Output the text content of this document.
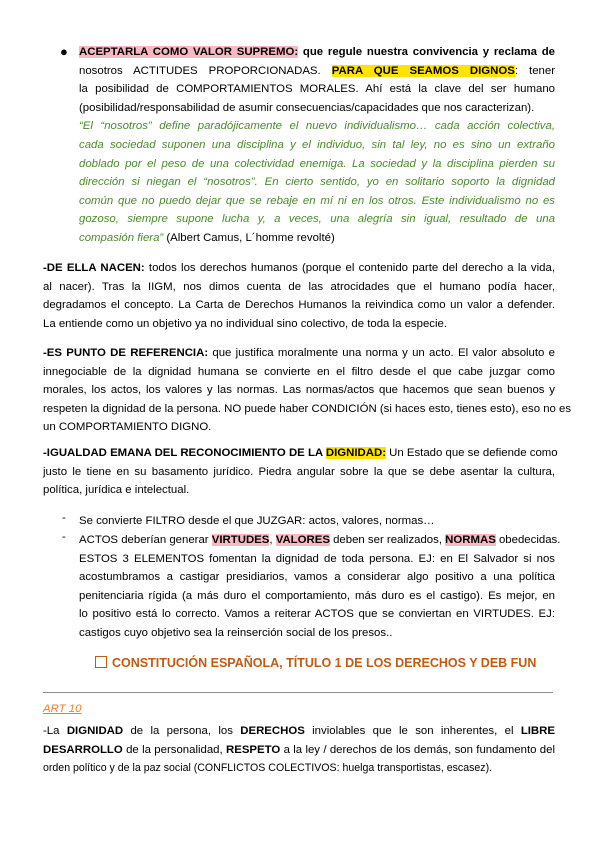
● ACEPTARLA COMO VALOR SUPREMO: que regule nuestra convivencia y reclama de
nosotros ACTITUDES PROPORCIONADAS. PARA QUE SEAMOS DIGNOS: tener
la posibilidad de COMPORTAMIENTOS MORALES. Ahí está la clave del ser humano
(posibilidad/responsabilidad de asumir consecuencias/capacidades que nos caracterizan).
“El “nosotros” define paradójicamente el nuevo individualismo… cada acción colectiva,
cada sociedad suponen una disciplina y el individuo, sin tal ley, no es sino un extraño
doblado por el peso de una colectividad enemiga. La sociedad y la disciplina pierden su
dirección si niegan el “nosotros”. En cierto sentido, yo en solitario soporto la dignidad
común que no puedo dejar que se rebaje en mí ni en los otros. Este individualismo no es
gozoso, siempre supone lucha y, a veces, una alegría sin igual, resultado de una
compasión fiera” (Albert Camus, L´homme revolté)
-DE ELLA NACEN: todos los derechos humanos (porque el contenido parte del derecho a la vida,
al nacer). Tras la IIGM, nos dimos cuenta de las atrocidades que el humano podía hacer,
degradamos el concepto. La Carta de Derechos Humanos la reivindica como un valor a defender.
La entiende como un objetivo ya no individual sino colectivo, de toda la especie.
-ES PUNTO DE REFERENCIA: que justifica moralmente una norma y un acto. El valor absoluto e
innegociable de la dignidad humana se convierte en el filtro desde el que cabe juzgar como
morales, los actos, los valores y las normas. Las normas/actos que hacemos que sean buenos y
respeten la dignidad de la persona. NO puede haber CONDICIÓN (si haces esto, tienes esto), eso no es
un COMPORTAMIENTO DIGNO.
-IGUALDAD EMANA DEL RECONOCIMIENTO DE LA DIGNIDAD: Un Estado que se defiende como
justo le tiene en su basamento jurídico. Piedra angular sobre la que se debe asentar la cultura,
política, jurídica e intelectual.
- Se convierte FILTRO desde el que JUZGAR: actos, valores, normas…
- ACTOS deberían generar VIRTUDES, VALORES deben ser realizados, NORMAS obedecidas.
ESTOS 3 ELEMENTOS fomentan la dignidad de toda persona. EJ: en El Salvador si nos
acostumbramos a castigar presidiarios, vamos a considerar algo positivo a una política
penitenciaria rígida (a más duro el comportamiento, más duro es el castigo). Es mejor, en
lo positivo está lo correcto. Vamos a reiterar ACTOS que se conviertan en VIRTUDES. EJ:
castigos cuyo objetivo sea la reinserción social de los presos..
CONSTITUCIÓN ESPAÑOLA, TÍTULO 1 DE LOS DERECHOS Y DEB FUN
ART 10
-La DIGNIDAD de la persona, los DERECHOS inviolables que le son inherentes, el LIBRE
DESARROLLO de la personalidad, RESPETO a la ley / derechos de los demás, son fundamento del
orden político y de la paz social (CONFLICTOS COLECTIVOS: huelga transportistas, escasez).
